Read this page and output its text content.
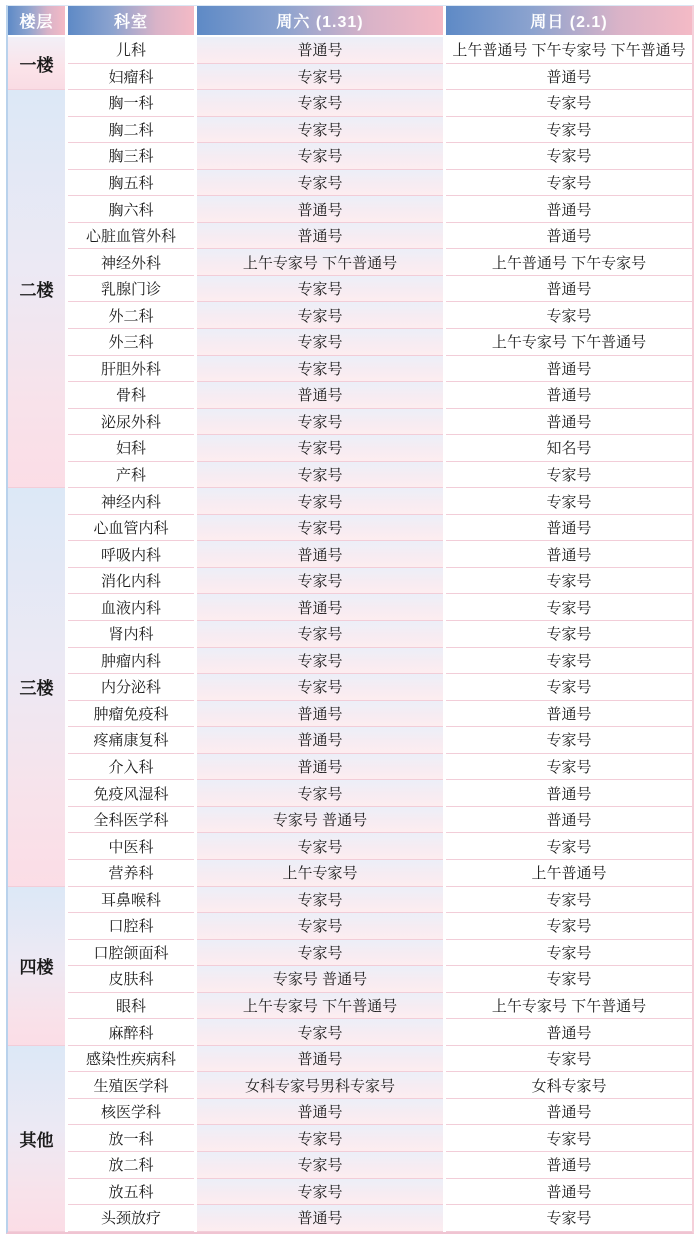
楼层	科室	周六 (1.31)	周日 (2.1)
一楼
儿科	普通号	上午普通号 下午专家号 下午普通号
妇瘤科	专家号	普通号
二楼
胸一科	专家号	专家号
胸二科	专家号	专家号
胸三科	专家号	专家号
胸五科	专家号	专家号
胸六科	普通号	普通号
心脏血管外科	普通号	普通号
神经外科	上午专家号 下午普通号	上午普通号 下午专家号
乳腺门诊	专家号	普通号
外二科	专家号	专家号
外三科	专家号	上午专家号 下午普通号
肝胆外科	专家号	普通号
骨科	普通号	普通号
泌尿外科	专家号	普通号
妇科	专家号	知名号
产科	专家号	专家号
三楼
神经内科	专家号	专家号
心血管内科	专家号	普通号
呼吸内科	普通号	普通号
消化内科	专家号	专家号
血液内科	普通号	专家号
肾内科	专家号	专家号
肿瘤内科	专家号	专家号
内分泌科	专家号	专家号
肿瘤免疫科	普通号	普通号
疼痛康复科	普通号	专家号
介入科	普通号	专家号
免疫风湿科	专家号	普通号
全科医学科	专家号 普通号	普通号
中医科	专家号	专家号
营养科	上午专家号	上午普通号
四楼
耳鼻喉科	专家号	专家号
口腔科	专家号	专家号
口腔颌面科	专家号	专家号
皮肤科	专家号 普通号	专家号
眼科	上午专家号 下午普通号	上午专家号 下午普通号
麻醉科	专家号	普通号
其他
感染性疾病科	普通号	专家号
生殖医学科	女科专家号男科专家号	女科专家号
核医学科	普通号	普通号
放一科	专家号	专家号
放二科	专家号	普通号
放五科	专家号	普通号
头颈放疗	普通号	专家号
